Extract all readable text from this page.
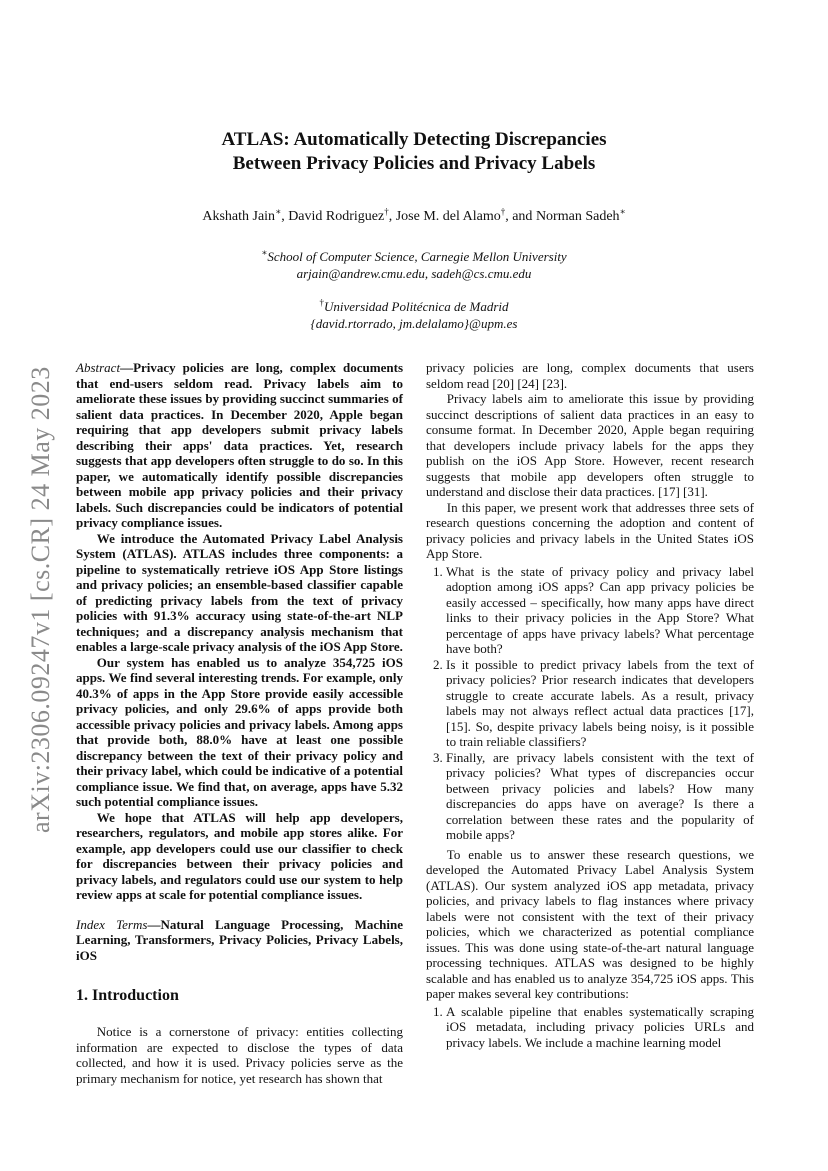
arXiv:2306.09247v1 [cs.CR] 24 May 2023
ATLAS: Automatically Detecting Discrepancies
Between Privacy Policies and Privacy Labels
Akshath Jain∗, David Rodriguez†, Jose M. del Alamo†, and Norman Sadeh∗
∗School of Computer Science, Carnegie Mellon University
arjain@andrew.cmu.edu, sadeh@cs.cmu.edu
†Universidad Politécnica de Madrid
{david.rtorrado, jm.delalamo}@upm.es

Abstract—Privacy policies are long, complex documents that end-users seldom read. Privacy labels aim to ameliorate these issues by providing succinct summaries of salient data practices. In December 2020, Apple began requiring that app developers submit privacy labels describing their apps' data practices. Yet, research suggests that app developers often struggle to do so. In this paper, we automatically identify possible discrepancies between mobile app privacy policies and their privacy labels. Such discrepancies could be indicators of potential privacy compliance issues.

We introduce the Automated Privacy Label Analysis System (ATLAS). ATLAS includes three components: a pipeline to systematically retrieve iOS App Store listings and privacy policies; an ensemble-based classifier capable of predicting privacy labels from the text of privacy policies with 91.3% accuracy using state-of-the-art NLP techniques; and a discrepancy analysis mechanism that enables a large-scale privacy analysis of the iOS App Store.

Our system has enabled us to analyze 354,725 iOS apps. We find several interesting trends. For example, only 40.3% of apps in the App Store provide easily accessible privacy policies, and only 29.6% of apps provide both accessible privacy policies and privacy labels. Among apps that provide both, 88.0% have at least one possible discrepancy between the text of their privacy policy and their privacy label, which could be indicative of a potential compliance issue. We find that, on average, apps have 5.32 such potential compliance issues.

We hope that ATLAS will help app developers, researchers, regulators, and mobile app stores alike. For example, app developers could use our classifier to check for discrepancies between their privacy policies and privacy labels, and regulators could use our system to help review apps at scale for potential compliance issues.

Index Terms—Natural Language Processing, Machine Learning, Transformers, Privacy Policies, Privacy Labels, iOS
1. Introduction

Notice is a cornerstone of privacy: entities collecting information are expected to disclose the types of data collected, and how it is used. Privacy policies serve as the primary mechanism for notice, yet research has shown that

privacy policies are long, complex documents that users seldom read [20] [24] [23].

Privacy labels aim to ameliorate this issue by providing succinct descriptions of salient data practices in an easy to consume format. In December 2020, Apple began requiring that developers include privacy labels for the apps they publish on the iOS App Store. However, recent research suggests that mobile app developers often struggle to understand and disclose their data practices. [17] [31].

In this paper, we present work that addresses three sets of research questions concerning the adoption and content of privacy policies and privacy labels in the United States iOS App Store.

1. What is the state of privacy policy and privacy label adoption among iOS apps? Can app privacy policies be easily accessed – specifically, how many apps have direct links to their privacy policies in the App Store? What percentage of apps have privacy labels? What percentage have both?
2. Is it possible to predict privacy labels from the text of privacy policies? Prior research indicates that developers struggle to create accurate labels. As a result, privacy labels may not always reflect actual data practices [17], [15]. So, despite privacy labels being noisy, is it possible to train reliable classifiers?
3. Finally, are privacy labels consistent with the text of privacy policies? What types of discrepancies occur between privacy policies and labels? How many discrepancies do apps have on average? Is there a correlation between these rates and the popularity of mobile apps?

To enable us to answer these research questions, we developed the Automated Privacy Label Analysis System (ATLAS). Our system analyzed iOS app metadata, privacy policies, and privacy labels to flag instances where privacy labels were not consistent with the text of their privacy policies, which we characterized as potential compliance issues. This was done using state-of-the-art natural language processing techniques. ATLAS was designed to be highly scalable and has enabled us to analyze 354,725 iOS apps. This paper makes several key contributions:

1. A scalable pipeline that enables systematically scraping iOS metadata, including privacy policies URLs and privacy labels. We include a machine learning model
